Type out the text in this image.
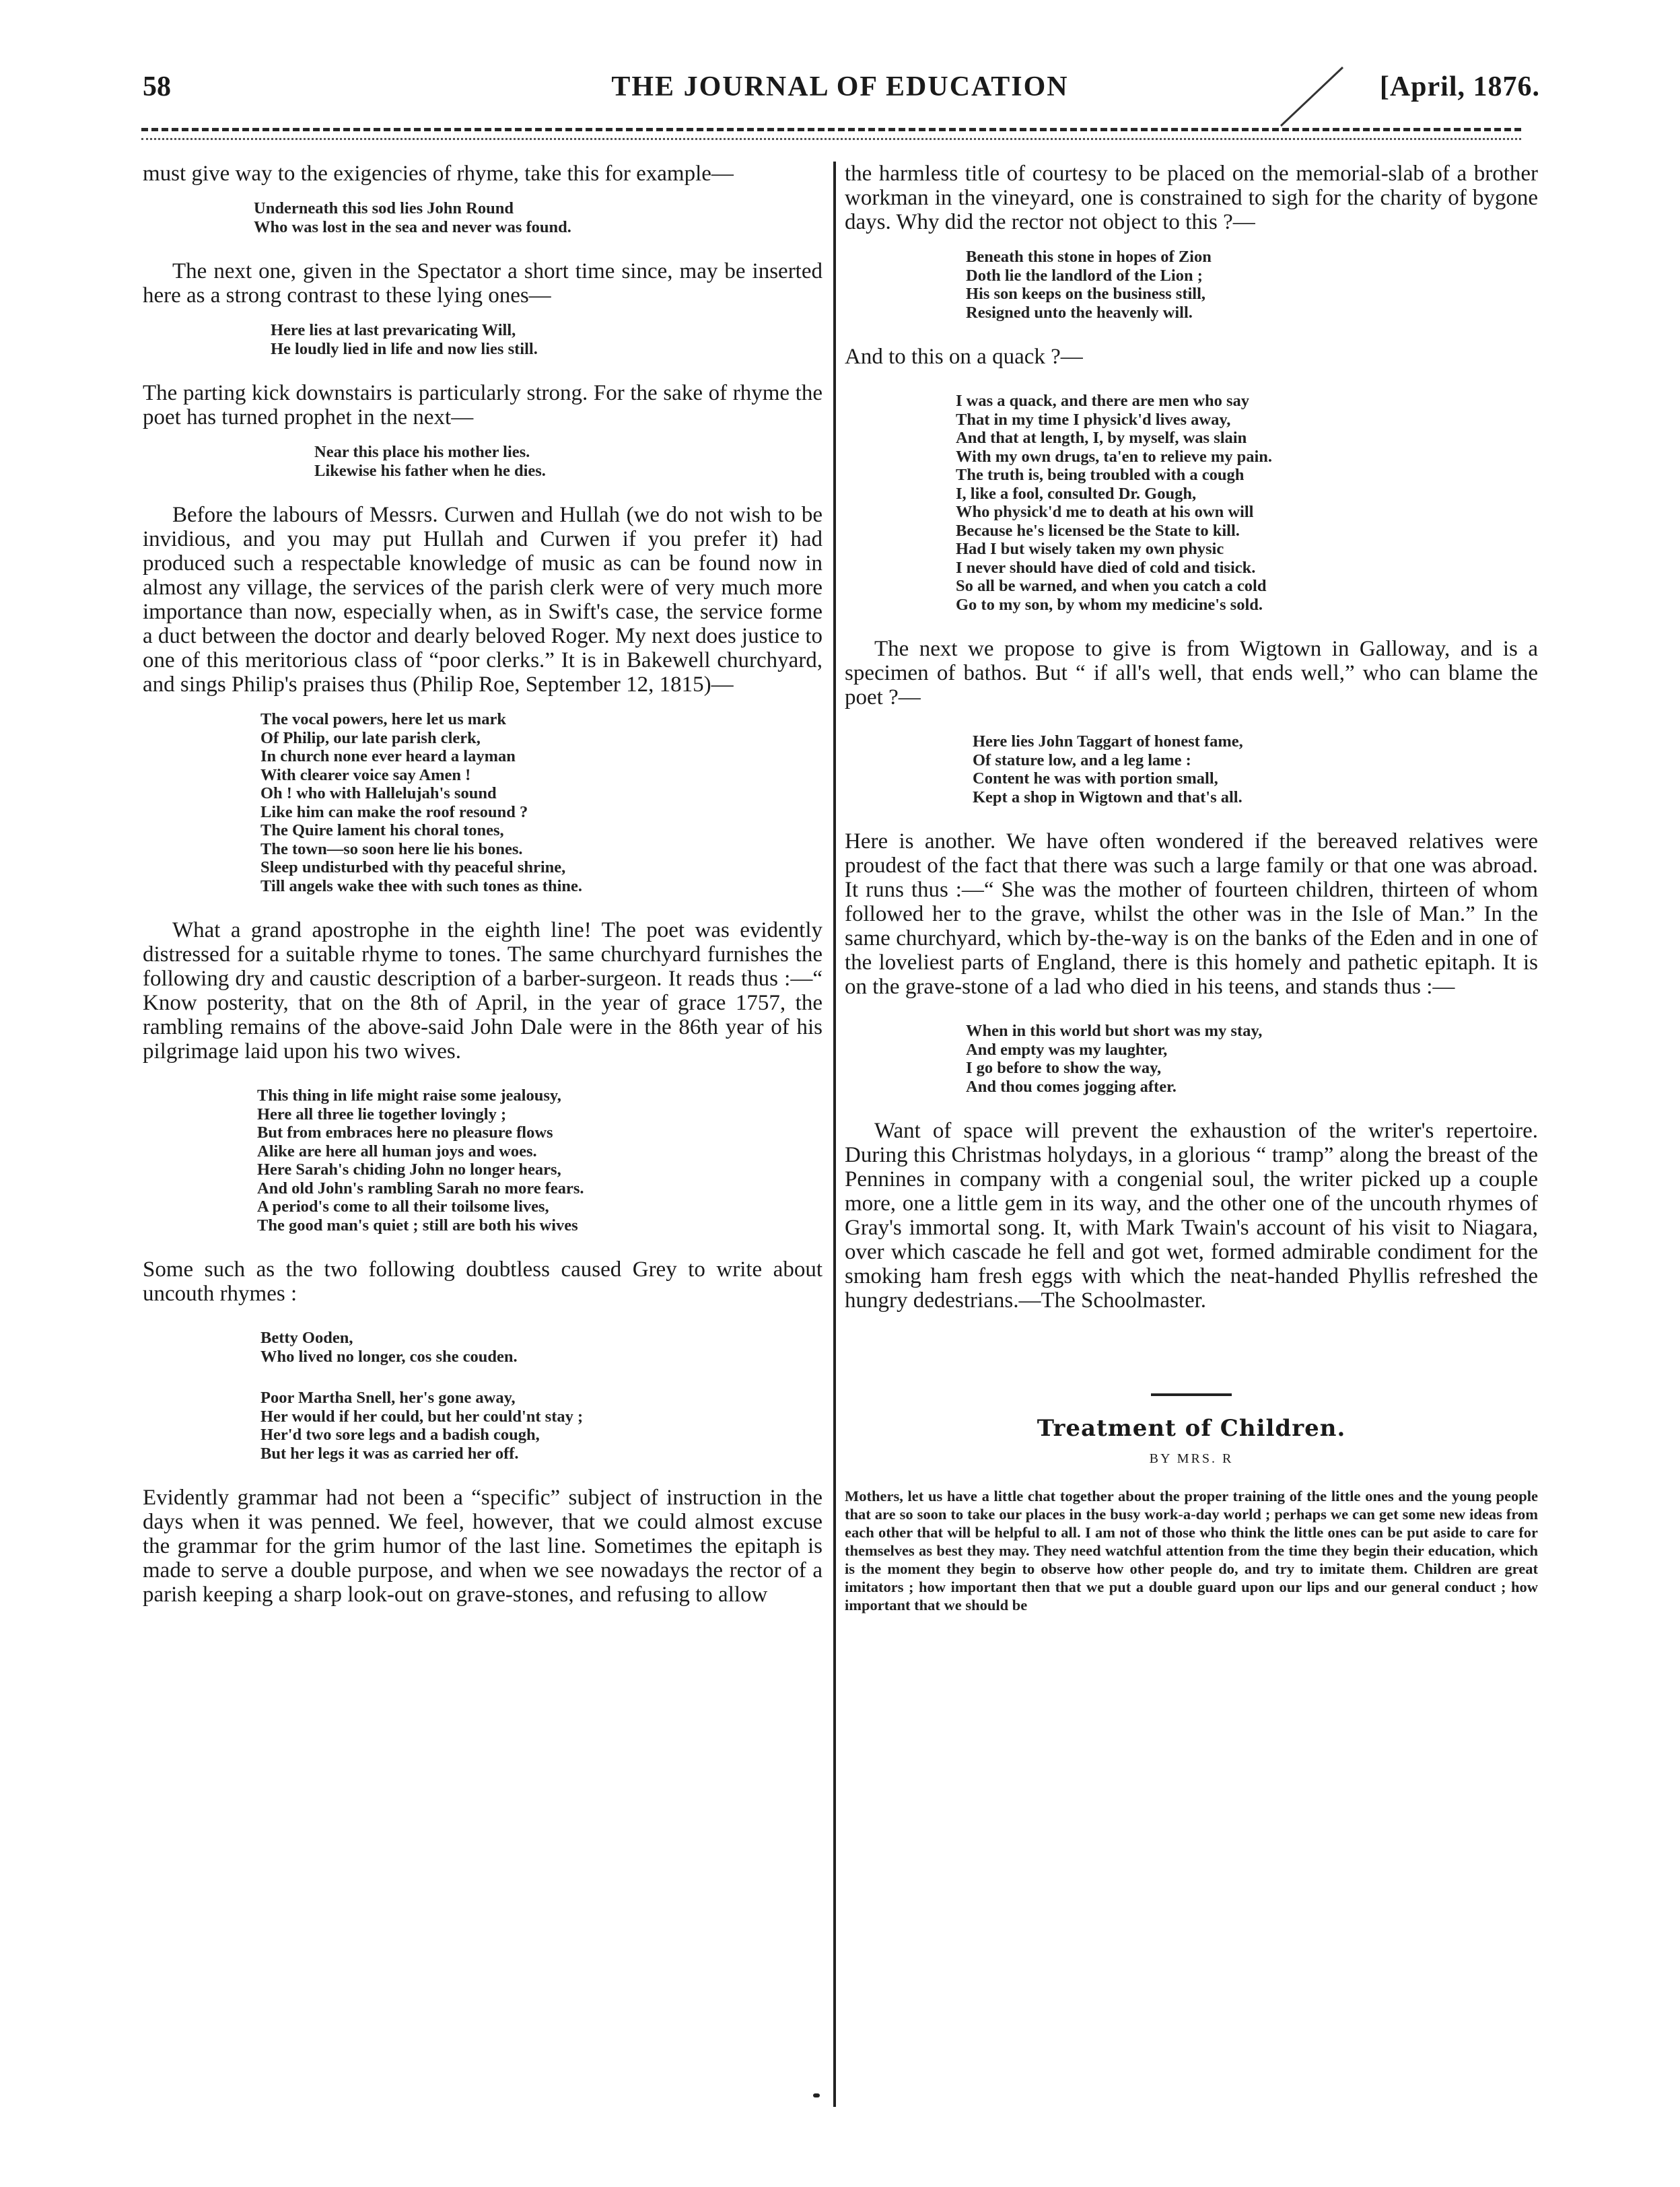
58	THE JOURNAL OF EDUCATION	[April, 1876.

must give way to the exigencies of rhyme, take this for example—

Underneath this sod lies John Round
Who was lost in the sea and never was found.

The next one, given in the Spectator a short time since, may be inserted here as a strong contrast to these lying ones—

Here lies at last prevaricating Will,
He loudly lied in life and now lies still.

The parting kick downstairs is particularly strong. For the sake of rhyme the poet has turned prophet in the next—

Near this place his mother lies.
Likewise his father when he dies.

Before the labours of Messrs. Curwen and Hullah (we do not wish to be invidious, and you may put Hullah and Curwen if you prefer it) had produced such a respectable knowledge of music as can be found now in almost any village, the services of the parish clerk were of very much more importance than now, especially when, as in Swift's case, the service forme a duct between the doctor and dearly beloved Roger. My next does justice to one of this meritorious class of “poor clerks.” It is in Bakewell churchyard, and sings Philip's praises thus (Philip Roe, September 12, 1815)—

The vocal powers, here let us mark
Of Philip, our late parish clerk,
In church none ever heard a layman
With clearer voice say Amen !
Oh ! who with Hallelujah's sound
Like him can make the roof resound ?
The Quire lament his choral tones,
The town—so soon here lie his bones.
Sleep undisturbed with thy peaceful shrine,
Till angels wake thee with such tones as thine.

What a grand apostrophe in the eighth line! The poet was evidently distressed for a suitable rhyme to tones. The same churchyard furnishes the following dry and caustic description of a barber-surgeon. It reads thus :—“ Know posterity, that on the 8th of April, in the year of grace 1757, the rambling remains of the above-said John Dale were in the 86th year of his pilgrimage laid upon his two wives.

This thing in life might raise some jealousy,
Here all three lie together lovingly ;
But from embraces here no pleasure flows
Alike are here all human joys and woes.
Here Sarah's chiding John no longer hears,
And old John's rambling Sarah no more fears.
A period's come to all their toilsome lives,
The good man's quiet ; still are both his wives

Some such as the two following doubtless caused Grey to write about uncouth rhymes :

Betty Ooden,
Who lived no longer, cos she couden.
Poor Martha Snell, her's gone away,
Her would if her could, but her could'nt stay ;
Her'd two sore legs and a badish cough,
But her legs it was as carried her off.

Evidently grammar had not been a “specific” subject of instruction in the days when it was penned. We feel, however, that we could almost excuse the grammar for the grim humor of the last line. Sometimes the epitaph is made to serve a double purpose, and when we see nowadays the rector of a parish keeping a sharp look-out on grave-stones, and refusing to allow

the harmless title of courtesy to be placed on the memorial-slab of a brother workman in the vineyard, one is constrained to sigh for the charity of bygone days. Why did the rector not object to this ?—

Beneath this stone in hopes of Zion
Doth lie the landlord of the Lion ;
His son keeps on the business still,
Resigned unto the heavenly will.

And to this on a quack ?—

I was a quack, and there are men who say
That in my time I physick'd lives away,
And that at length, I, by myself, was slain
With my own drugs, ta'en to relieve my pain.
The truth is, being troubled with a cough
I, like a fool, consulted Dr. Gough,
Who physick'd me to death at his own will
Because he's licensed be the State to kill.
Had I but wisely taken my own physic
I never should have died of cold and tisick.
So all be warned, and when you catch a cold
Go to my son, by whom my medicine's sold.

The next we propose to give is from Wigtown in Galloway, and is a specimen of bathos. But “ if all's well, that ends well,” who can blame the poet ?—

Here lies John Taggart of honest fame,
Of stature low, and a leg lame :
Content he was with portion small,
Kept a shop in Wigtown and that's all.

Here is another. We have often wondered if the bereaved relatives were proudest of the fact that there was such a large family or that one was abroad. It runs thus :—“ She was the mother of fourteen children, thirteen of whom followed her to the grave, whilst the other was in the Isle of Man.” In the same churchyard, which by-the-way is on the banks of the Eden and in one of the loveliest parts of England, there is this homely and pathetic epitaph. It is on the grave-stone of a lad who died in his teens, and stands thus :—

When in this world but short was my stay,
And empty was my laughter,
I go before to show the way,
And thou comes jogging after.

Want of space will prevent the exhaustion of the writer's repertoire. During this Christmas holydays, in a glorious “ tramp” along the breast of the Pennines in company with a congenial soul, the writer picked up a couple more, one a little gem in its way, and the other one of the uncouth rhymes of Gray's immortal song. It, with Mark Twain's account of his visit to Niagara, over which cascade he fell and got wet, formed admirable condiment for the smoking ham fresh eggs with which the neat-handed Phyllis refreshed the hungry dedestrians.—The Schoolmaster.

Treatment of Children.
BY MRS. R

Mothers, let us have a little chat together about the proper training of the little ones and the young people that are so soon to take our places in the busy work-a-day world ; perhaps we can get some new ideas from each other that will be helpful to all. I am not of those who think the little ones can be put aside to care for themselves as best they may. They need watchful attention from the time they begin their education, which is the moment they begin to observe how other people do, and try to imitate them. Children are great imitators ; how important then that we put a double guard upon our lips and our general conduct ; how important that we should be
